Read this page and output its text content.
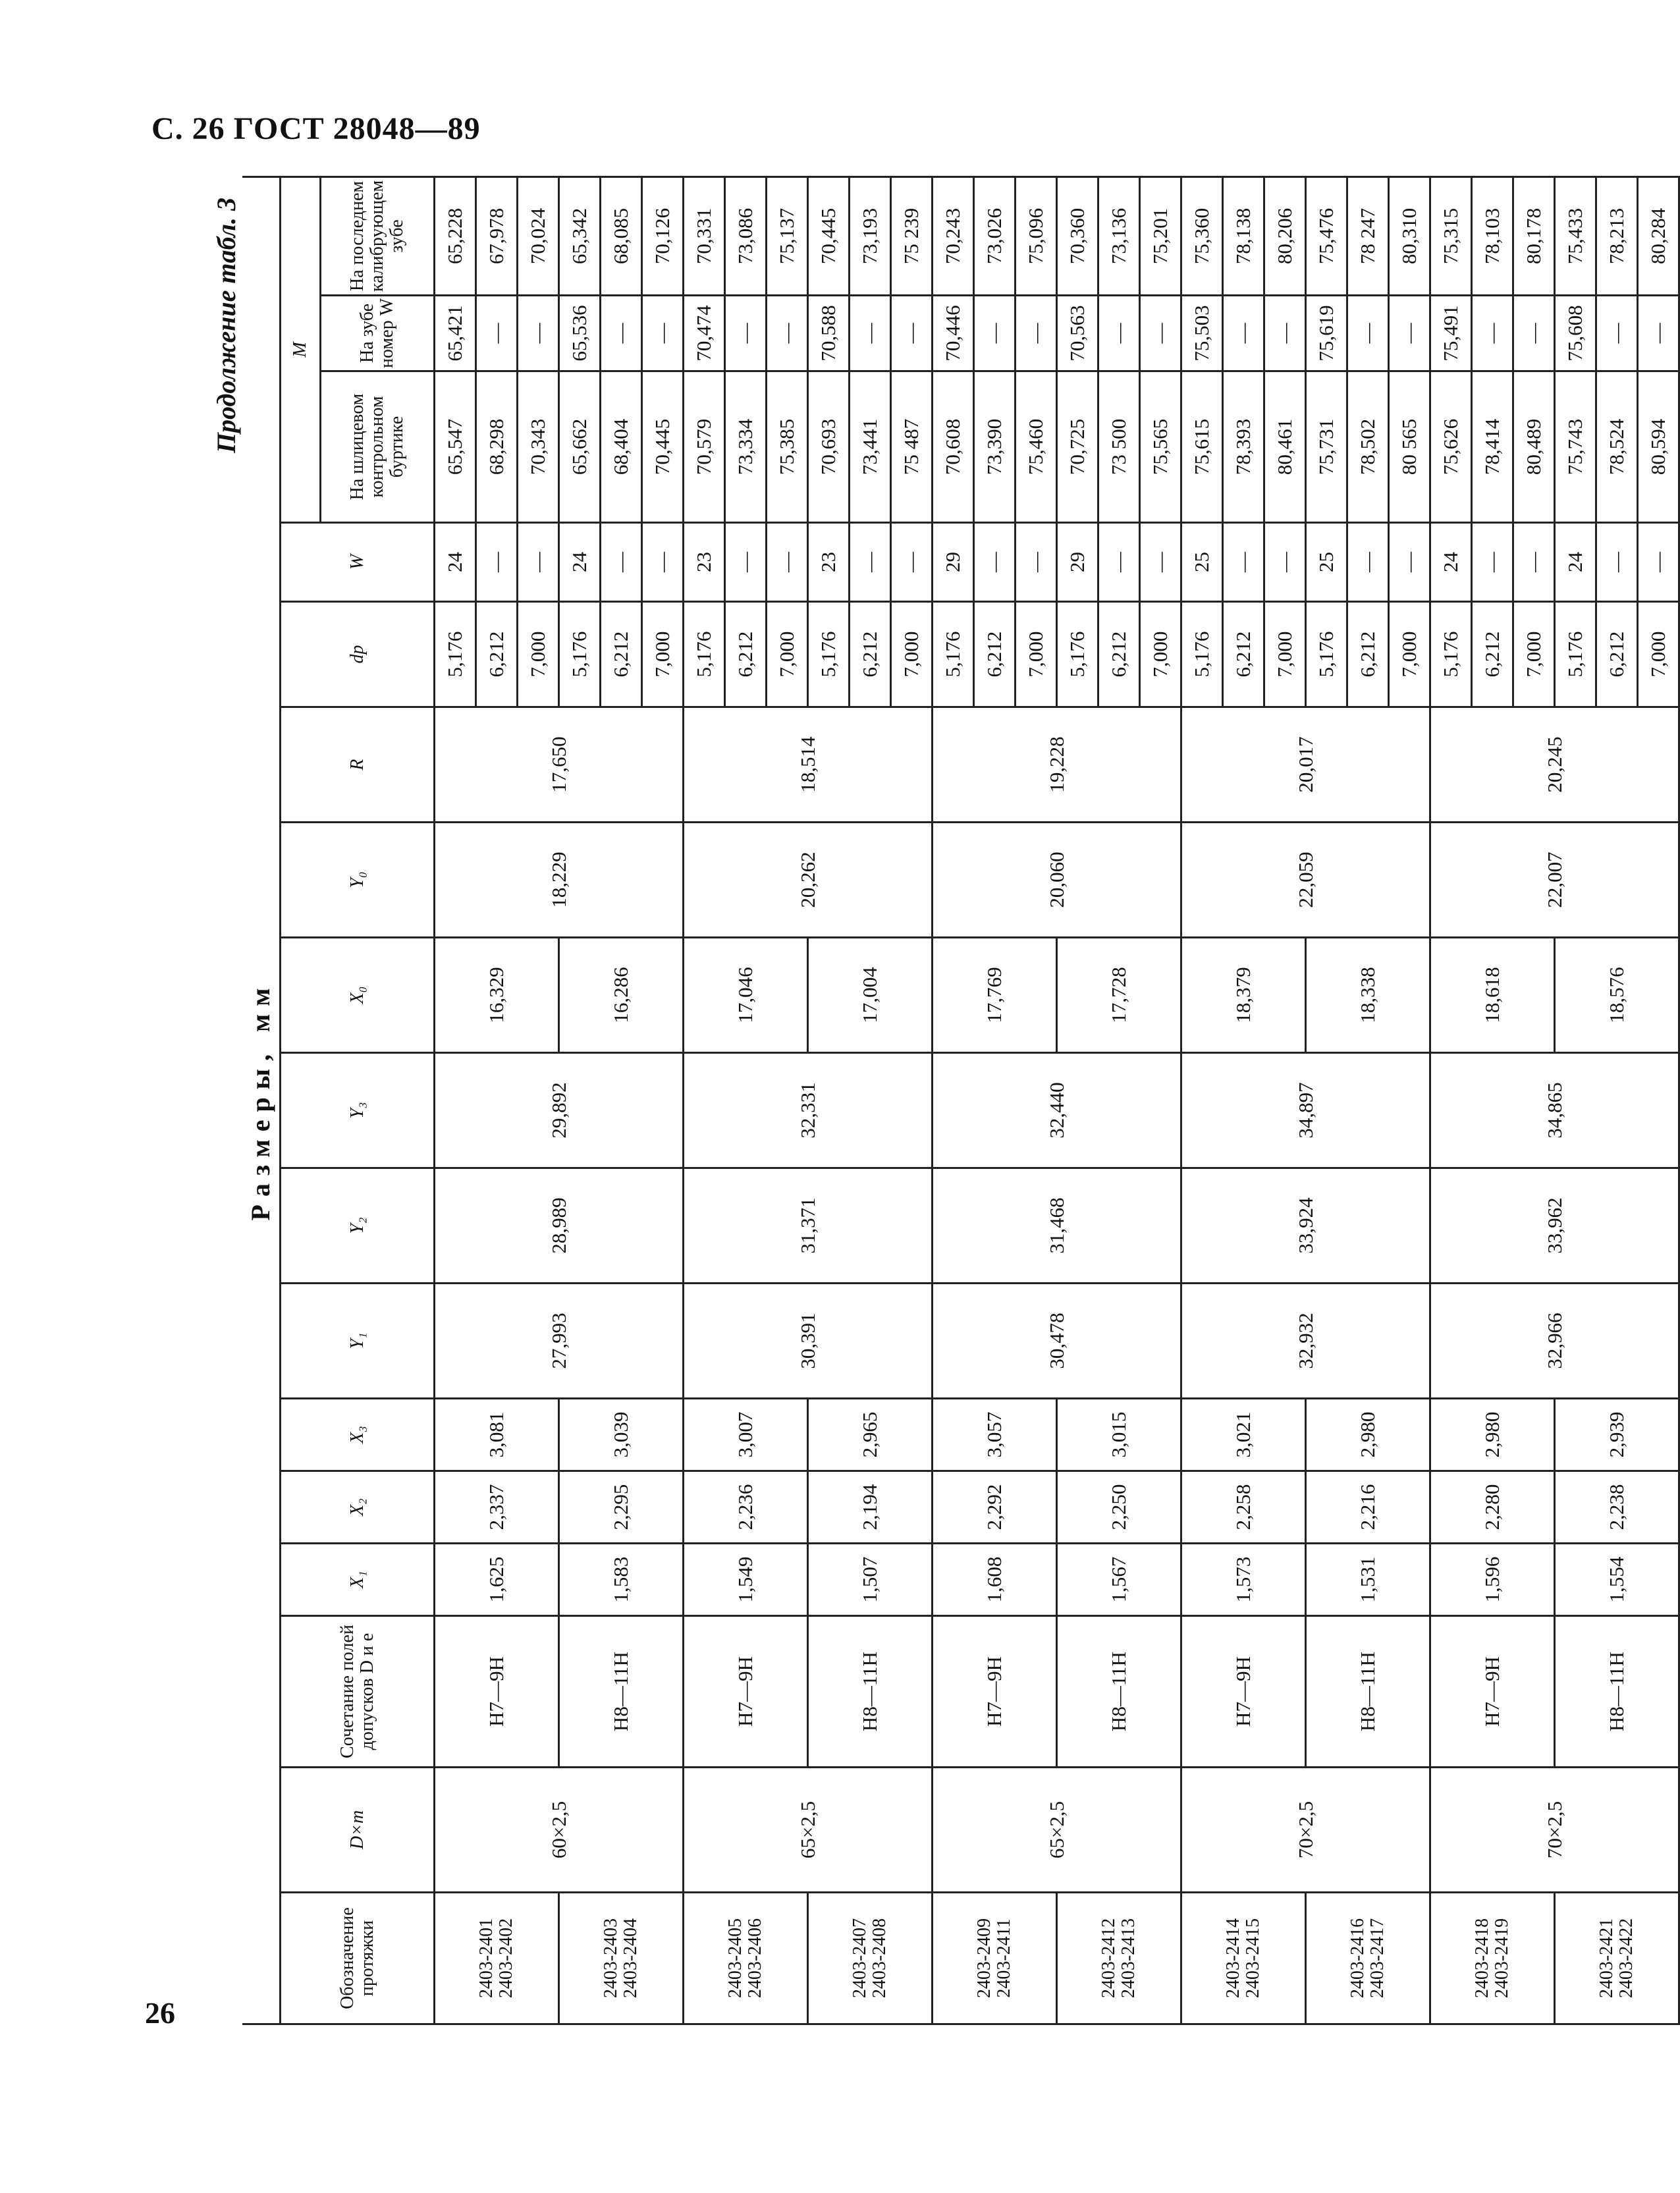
С. 26 ГОСТ 28048—89
26
Продолжение табл. 3
Размеры, мм																
Обозначение протяжки	D×m	Сочетание полей допусков D и e	X₁	X₂	X₃	Y₁	Y₂	Y₃	X₀	Y₀	R	dр	W	M		
														На шлицевом контрольном буртике	На зубе номер W	На последнем калибрующем зубе
2403-2401
2403-2402	60×2,5	H7—9H	1,625	2,337	3,081	27,993	28,989	29,892	16,329	18,229	17,650	5,176	24	65,547	65,421	65,228
												6,212	—	68,298	—	67,978
												7,000	—	70,343	—	70,024
2403-2403
2403-2404		H8—11H	1,583	2,295	3,039				16,286			5,176	24	65,662	65,536	65,342
												6,212	—	68,404	—	68,085
												7,000	—	70,445	—	70,126
2403-2405
2403-2406	65×2,5	H7—9H	1,549	2,236	3,007	30,391	31,371	32,331	17,046	20,262	18,514	5,176	23	70,579	70,474	70,331
												6,212	—	73,334	—	73,086
												7,000	—	75,385	—	75,137
2403-2407
2403-2408		H8—11H	1,507	2,194	2,965				17,004			5,176	23	70,693	70,588	70,445
												6,212	—	73,441	—	73,193
												7,000	—	75 487	—	75 239
2403-2409
2403-2411	65×2,5	H7—9H	1,608	2,292	3,057	30,478	31,468	32,440	17,769	20,060	19,228	5,176	29	70,608	70,446	70,243
												6,212	—	73,390	—	73,026
												7,000	—	75,460	—	75,096
2403-2412
2403-2413		H8—11H	1,567	2,250	3,015				17,728			5,176	29	70,725	70,563	70,360
												6,212	—	73 500	—	73,136
												7,000	—	75,565	—	75,201
2403-2414
2403-2415	70×2,5	H7—9H	1,573	2,258	3,021	32,932	33,924	34,897	18,379	22,059	20,017	5,176	25	75,615	75,503	75,360
												6,212	—	78,393	—	78,138
												7,000	—	80,461	—	80,206
2403-2416
2403-2417		H8—11H	1,531	2,216	2,980				18,338			5,176	25	75,731	75,619	75,476
												6,212	—	78,502	—	78 247
												7,000	—	80 565	—	80,310
2403-2418
2403-2419	70×2,5	H7—9H	1,596	2,280	2,980	32,966	33,962	34,865	18,618	22,007	20,245	5,176	24	75,626	75,491	75,315
												6,212	—	78,414	—	78,103
												7,000	—	80,489	—	80,178
2403-2421
2403-2422		H8—11H	1,554	2,238	2,939				18,576			5,176	24	75,743	75,608	75,433
												6,212	—	78,524	—	78,213
												7,000	—	80,594	—	80,284
